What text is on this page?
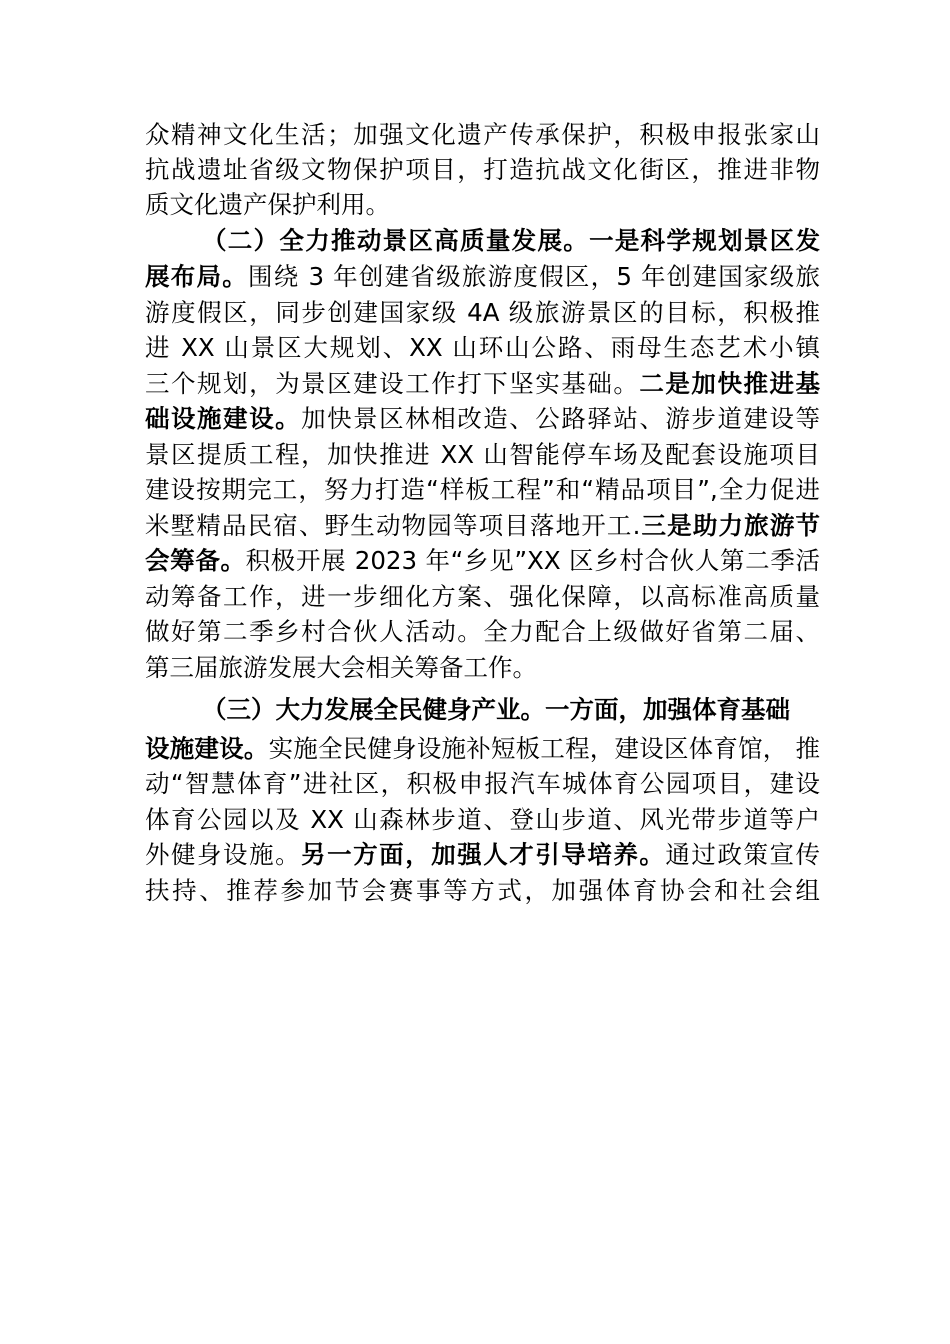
众精神文化生活；加强文化遗产传承保护，积极申报张家山
抗战遗址省级文物保护项目，打造抗战文化街区，推进非物
质文化遗产保护利用。
（二）全力推动景区高质量发展。一是科学规划景区发
展布局。围绕 3 年创建省级旅游度假区，5 年创建国家级旅
游度假区，同步创建国家级 4A 级旅游景区的目标，积极推
进 XX 山景区大规划、XX 山环山公路、雨母生态艺术小镇
三个规划，为景区建设工作打下坚实基础。二是加快推进基
础设施建设。加快景区林相改造、公路驿站、游步道建设等
景区提质工程，加快推进 XX 山智能停车场及配套设施项目
建设按期完工，努力打造“样板工程”和“精品项目”,全力促进
米墅精品民宿、野生动物园等项目落地开工.三是助力旅游节
会筹备。积极开展 2023 年“乡见”XX 区乡村合伙人第二季活
动筹备工作，进一步细化方案、强化保障，以高标准高质量
做好第二季乡村合伙人活动。全力配合上级做好省第二届、
第三届旅游发展大会相关筹备工作。
（三）大力发展全民健身产业。一方面，加强体育基础
设施建设。实施全民健身设施补短板工程，建设区体育馆， 推
动“智慧体育”进社区，积极申报汽车城体育公园项目，建设
体育公园以及 XX 山森林步道、登山步道、风光带步道等户
外健身设施。另一方面，加强人才引导培养。通过政策宣传
扶持、推荐参加节会赛事等方式，加强体育协会和社会组
